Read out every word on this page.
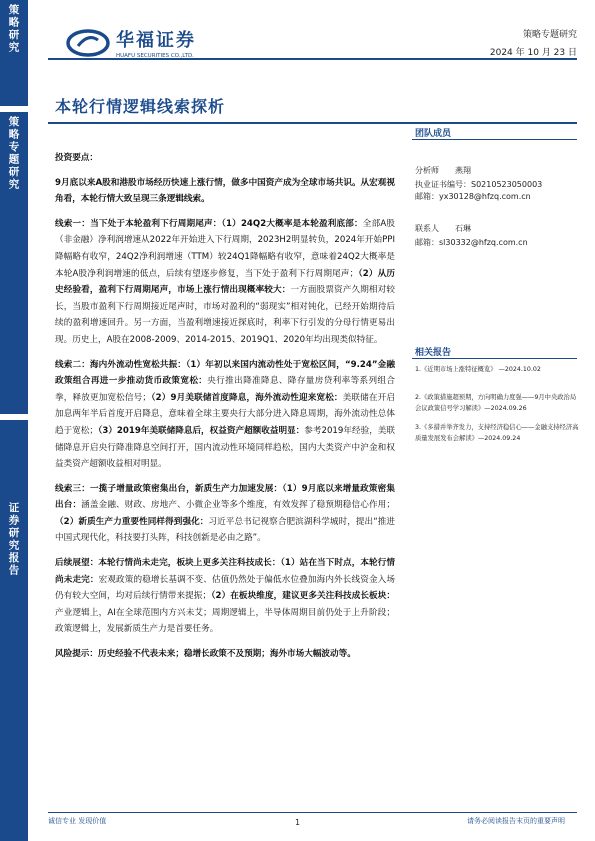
策略研究
策略专题研究
证券研究报告
华福证券
HUAFU SECURITIES CO.,LTD.
策略专题研究
2024 年 10 月 23 日
本轮行情逻辑线索探析

投资要点：

9月底以来A股和港股市场经历快速上涨行情，做多中国资产成为全球市场共识。从宏观视角看，本轮行情大致呈现三条逻辑线索。

线索一：当下处于本轮盈利下行周期尾声：（1）24Q2大概率是本轮盈利底部：全部A股（非金融）净利润增速从2022年开始进入下行周期，2023H2明显转负，2024年开始PPI降幅略有收窄，24Q2净利润增速（TTM）较24Q1降幅略有收窄，意味着24Q2大概率是本轮A股净利润增速的低点，后续有望逐步修复，当下处于盈利下行周期尾声；（2）从历史经验看，盈利下行周期尾声，市场上涨行情出现概率较大：一方面股票资产久期相对较长，当股市盈利下行周期接近尾声时，市场对盈利的“弱现实”相对钝化，已经开始期待后续的盈利增速回升。另一方面，当盈利增速接近探底时，利率下行引发的分母行情更易出现。历史上，A股在2008-2009、2014-2015、2019Q1、2020年均出现类似特征。

线索二：海内外流动性宽松共振：（1）年初以来国内流动性处于宽松区间，“9.24”金融政策组合再进一步推动货币政策宽松：央行推出降准降息、降存量房贷利率等系列组合拳，释放更加宽松信号；（2）9月美联储首度降息，海外流动性迎来宽松：美联储在开启加息两年半后首度开启降息，意味着全球主要央行大部分进入降息周期，海外流动性总体趋于宽松；（3）2019年美联储降息后，权益资产超额收益明显：参考2019年经验，美联储降息开启央行降准降息空间打开，国内流动性环境同样趋松，国内大类资产中沪金和权益类资产超额收益相对明显。

线索三：一揽子增量政策密集出台，新质生产力加速发展：（1）9月底以来增量政策密集出台：涵盖金融、财政、房地产、小微企业等多个维度，有效发挥了稳预期稳信心作用；（2）新质生产力重要性同样得到强化：习近平总书记视察合肥滨湖科学城时，提出“推进中国式现代化，科技要打头阵，科技创新是必由之路”。

后续展望：本轮行情尚未走完，板块上更多关注科技成长：（1）站在当下时点，本轮行情尚未走完：宏观政策的稳增长基调不变、估值仍然处于偏低水位叠加海内外长线资金入场仍有较大空间，均对后续行情带来提振；（2）在板块维度，建议更多关注科技成长板块：产业逻辑上，AI在全球范围内方兴未艾；周期逻辑上，半导体周期目前仍处于上升阶段；政策逻辑上，发展新质生产力是首要任务。

风险提示：历史经验不代表未来；稳增长政策不及预期；海外市场大幅波动等。

团队成员
分析师 燕翔
执业证书编号：S0210523050003
邮箱：yx30128@hfzq.com.cn
联系人 石琳
邮箱：sl30332@hfzq.com.cn
相关报告
1.《近期市场上涨特征概览》 —2024.10.02
2.《政策措施超预期，方向明确力度强——9月中央政治局会议政策信号学习解读》—2024.09.26
3.《多措并举齐发力，支持经济稳信心——金融支持经济高质量发展发布会解读》—2024.09.24
诚信专业 发现价值	1	请务必阅读报告末页的重要声明
